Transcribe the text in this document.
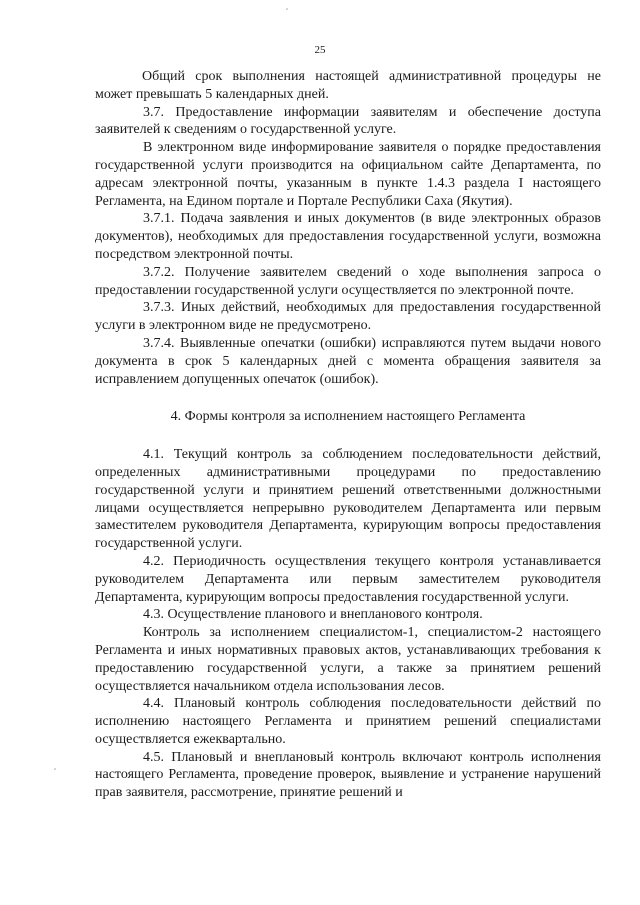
25

Общий срок выполнения настоящей административной процедуры не может превышать 5 календарных дней.

3.7. Предоставление информации заявителям и обеспечение доступа заявителей к сведениям о государственной услуге.

В электронном виде информирование заявителя о порядке предоставления государственной услуги производится на официальном сайте Департамента, по адресам электронной почты, указанным в пункте 1.4.3 раздела I настоящего Регламента, на Едином портале и Портале Республики Саха (Якутия).

3.7.1. Подача заявления и иных документов (в виде электронных образов документов), необходимых для предоставления государственной услуги, возможна посредством электронной почты.

3.7.2. Получение заявителем сведений о ходе выполнения запроса о предоставлении государственной услуги осуществляется по электронной почте.

3.7.3. Иных действий, необходимых для предоставления государственной услуги в электронном виде не предусмотрено.

3.7.4. Выявленные опечатки (ошибки) исправляются путем выдачи нового документа в срок 5 календарных дней с момента обращения заявителя за исправлением допущенных опечаток (ошибок).

4. Формы контроля за исполнением настоящего Регламента

4.1. Текущий контроль за соблюдением последовательности действий, определенных административными процедурами по предоставлению государственной услуги и принятием решений ответственными должностными лицами осуществляется непрерывно руководителем Департамента или первым заместителем руководителя Департамента, курирующим вопросы предоставления государственной услуги.

4.2. Периодичность осуществления текущего контроля устанавливается руководителем Департамента или первым заместителем руководителя Департамента, курирующим вопросы предоставления государственной услуги.

4.3. Осуществление планового и внепланового контроля.

Контроль за исполнением специалистом-1, специалистом-2 настоящего Регламента и иных нормативных правовых актов, устанавливающих требования к предоставлению государственной услуги, а также за принятием решений осуществляется начальником отдела использования лесов.

4.4. Плановый контроль соблюдения последовательности действий по исполнению настоящего Регламента и принятием решений специалистами осуществляется ежеквартально.

4.5. Плановый и внеплановый контроль включают контроль исполнения настоящего Регламента, проведение проверок, выявление и устранение нарушений прав заявителя, рассмотрение, принятие решений и
